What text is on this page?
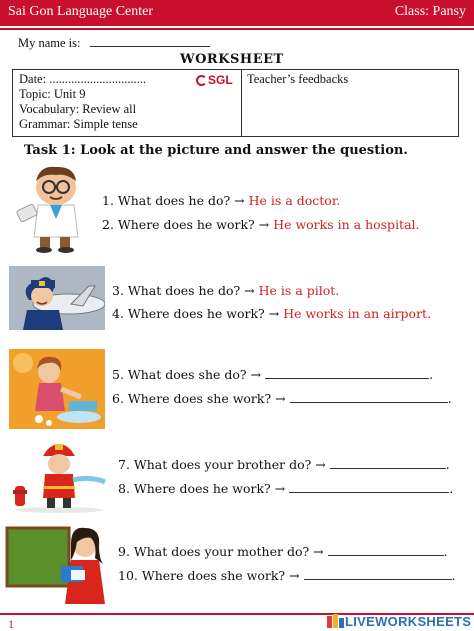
Sai Gon Language Center	Class: Pansy
My name is:
WORKSHEET
Date: ...............................
Topic: Unit 9
Vocabulary: Review all
Grammar: Simple tense
SGL Teacher’s feedbacks
Task 1: Look at the picture and answer the question.
1. What does he do? → He is a doctor.
2. Where does he work? → He works in a hospital.
3. What does he do? → He is a pilot.
4. Where does he work? → He works in an airport.
5. What does she do? →	.
6. Where does she work? →	.
7. What does your brother do? →	.
8. Where does he work? →	.
9. What does your mother do? →	.
10. Where does she work? →	.
1	LIVEWORKSHEETS
